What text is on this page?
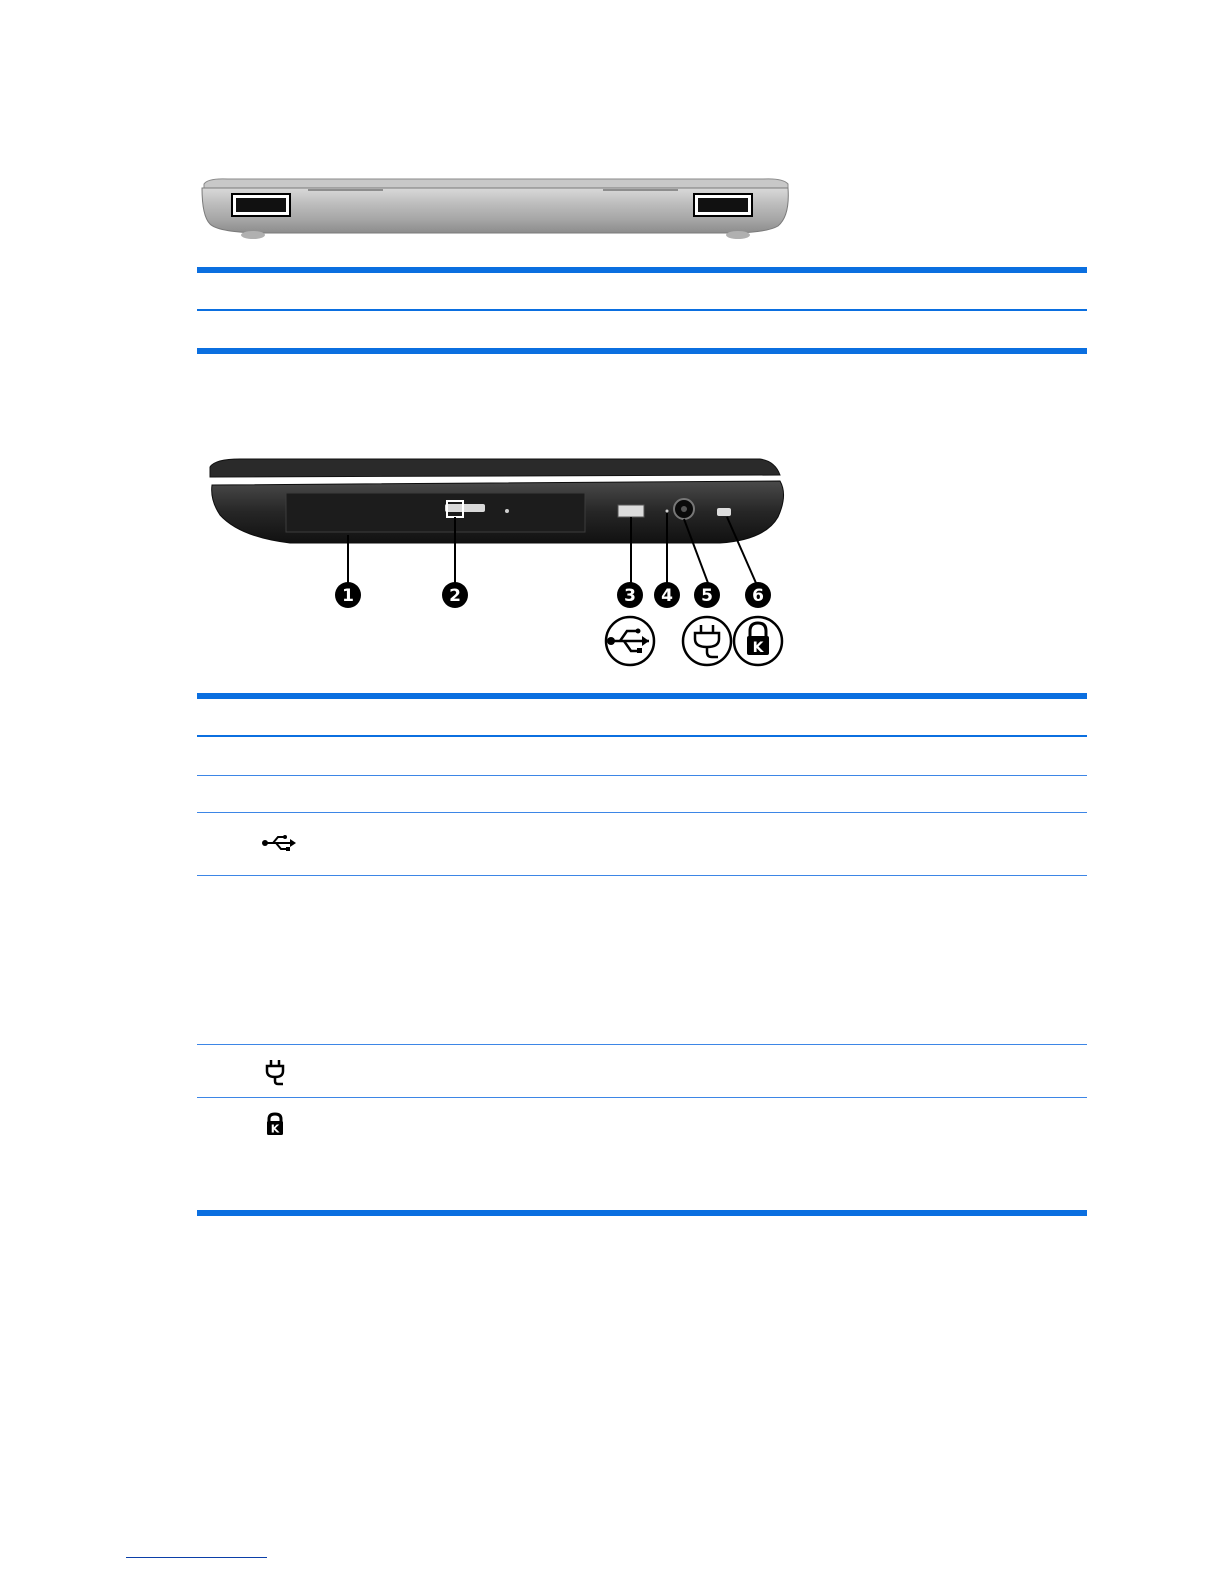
1	2	3 4 5 6
K
K
